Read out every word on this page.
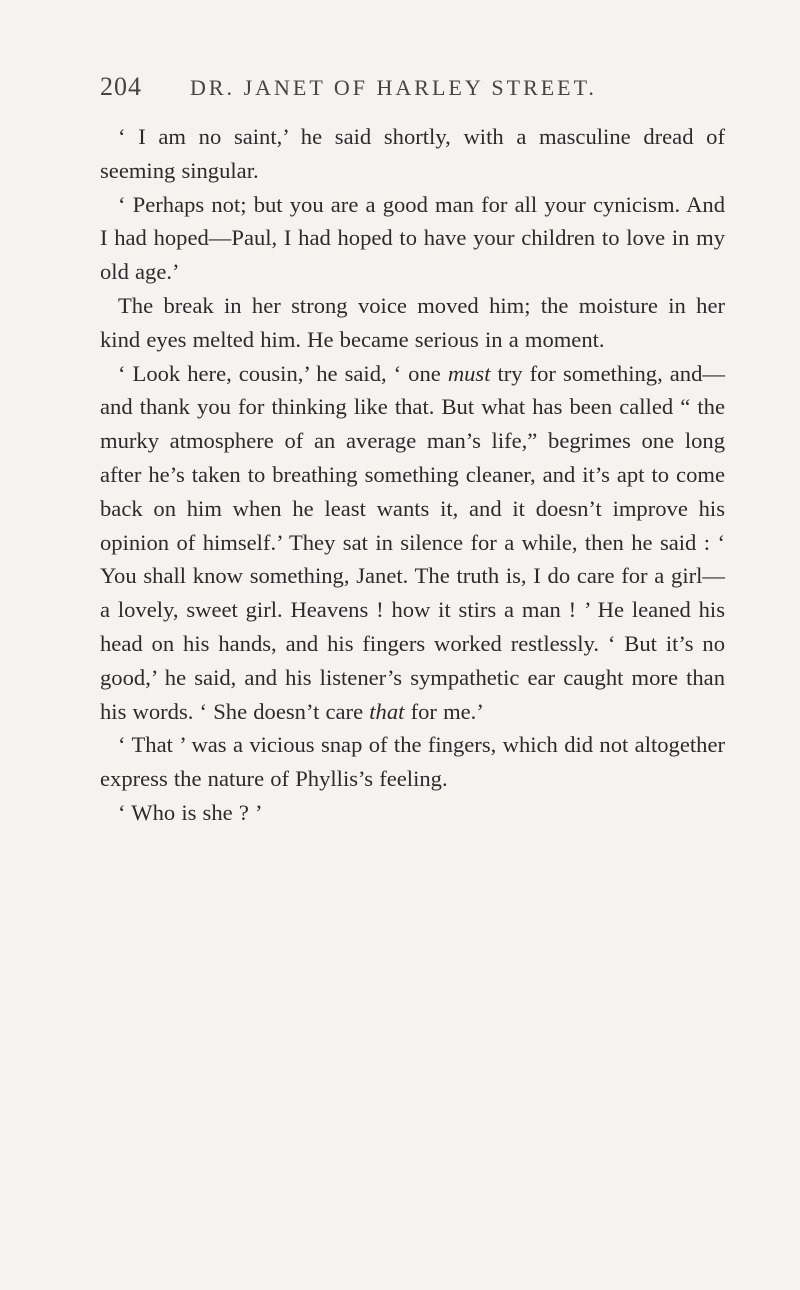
204	DR. JANET OF HARLEY STREET.

‘ I am no saint,’ he said shortly, with a masculine dread of seeming singular.

‘ Perhaps not; but you are a good man for all your cynicism. And I had hoped—Paul, I had hoped to have your children to love in my old age.’

The break in her strong voice moved him; the moisture in her kind eyes melted him. He became serious in a moment.

‘ Look here, cousin,’ he said, ‘ one must try for something, and—and thank you for thinking like that. But what has been called “ the murky atmosphere of an average man’s life,” begrimes one long after he’s taken to breathing something cleaner, and it’s apt to come back on him when he least wants it, and it doesn’t improve his opinion of himself.’ They sat in silence for a while, then he said : ‘ You shall know something, Janet. The truth is, I do care for a girl—a lovely, sweet girl. Heavens ! how it stirs a man ! ’ He leaned his head on his hands, and his fingers worked restlessly. ‘ But it’s no good,’ he said, and his listener’s sympathetic ear caught more than his words. ‘ She doesn’t care that for me.’

‘ That ’ was a vicious snap of the fingers, which did not altogether express the nature of Phyllis’s feeling.

‘ Who is she ? ’
